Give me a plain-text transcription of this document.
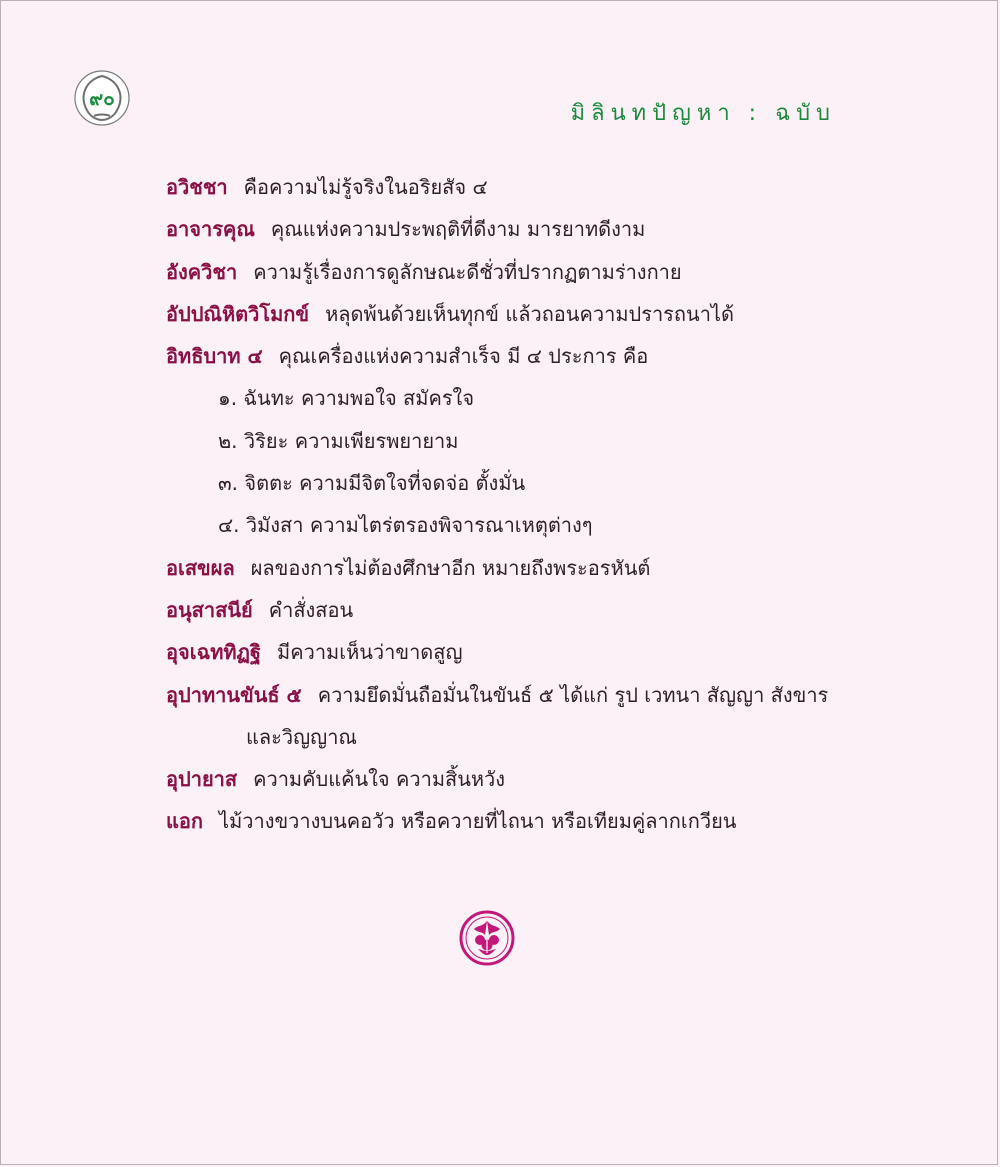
๙๐
มิลินทปัญหา : ฉบับ
อวิชชา คือความไม่รู้จริงในอริยสัจ ๔
อาจารคุณ คุณแห่งความประพฤติที่ดีงาม มารยาทดีงาม
อังควิชา ความรู้เรื่องการดูลักษณะดีชั่วที่ปรากฏตามร่างกาย
อัปปณิหิตวิโมกข์ หลุดพ้นด้วยเห็นทุกข์ แล้วถอนความปรารถนาได้
อิทธิบาท ๔ คุณเครื่องแห่งความสำเร็จ มี ๔ ประการ คือ
๑. ฉันทะ ความพอใจ สมัครใจ
๒. วิริยะ ความเพียรพยายาม
๓. จิตตะ ความมีจิตใจที่จดจ่อ ตั้งมั่น
๔. วิมังสา ความไตร่ตรองพิจารณาเหตุต่างๆ
อเสขผล ผลของการไม่ต้องศึกษาอีก หมายถึงพระอรหันต์
อนุสาสนีย์ คำสั่งสอน
อุจเฉททิฏฐิ มีความเห็นว่าขาดสูญ
อุปาทานขันธ์ ๕ ความยึดมั่นถือมั่นในขันธ์ ๕ ได้แก่ รูป เวทนา สัญญา สังขาร
และวิญญาณ
อุปายาส ความคับแค้นใจ ความสิ้นหวัง
แอก ไม้วางขวางบนคอวัว หรือควายที่ไถนา หรือเทียมคู่ลากเกวียน
